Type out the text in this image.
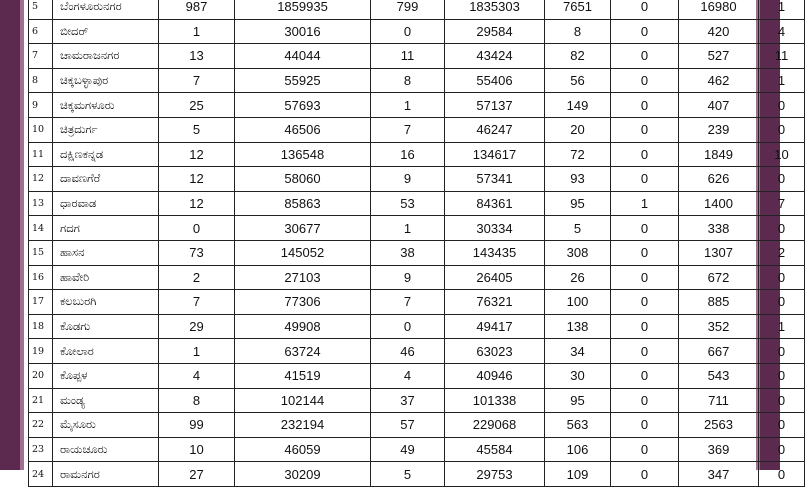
5	ಬೆಂಗಳೂರುನಗರ	987	1859935	799	1835303	7651	0	16980	1	
6	ಬೀದರ್	1	30016	0	29584	8	0	420	4	
7	ಚಾಮರಾಜನಗರ	13	44044	11	43424	82	0	527	11	
8	ಚಿಕ್ಕಬಳ್ಳಾಪುರ	7	55925	8	55406	56	0	462	1	
9	ಚಿಕ್ಕಮಗಳೂರು	25	57693	1	57137	149	0	407	0	
10	ಚಿತ್ರದುರ್ಗ	5	46506	7	46247	20	0	239	0	
11	ದಕ್ಷಿಣಕನ್ನಡ	12	136548	16	134617	72	0	1849	10	
12	ದಾವಣಗೆರೆ	12	58060	9	57341	93	0	626	0	
13	ಧಾರವಾಡ	12	85863	53	84361	95	1	1400	7	
14	ಗದಗ	0	30677	1	30334	5	0	338	0	
15	ಹಾಸನ	73	145052	38	143435	308	0	1307	2	
16	ಹಾವೇರಿ	2	27103	9	26405	26	0	672	0	
17	ಕಲಬುರಗಿ	7	77306	7	76321	100	0	885	0	
18	ಕೊಡಗು	29	49908	0	49417	138	0	352	1	
19	ಕೋಲಾರ	1	63724	46	63023	34	0	667	0	
20	ಕೊಪ್ಪಳ	4	41519	4	40946	30	0	543	0	
21	ಮಂಡ್ಯ	8	102144	37	101338	95	0	711	0	
22	ಮೈಸೂರು	99	232194	57	229068	563	0	2563	0	
23	ರಾಯಚೂರು	10	46059	49	45584	106	0	369	0	
24	ರಾಮನಗರ	27	30209	5	29753	109	0	347	0	
